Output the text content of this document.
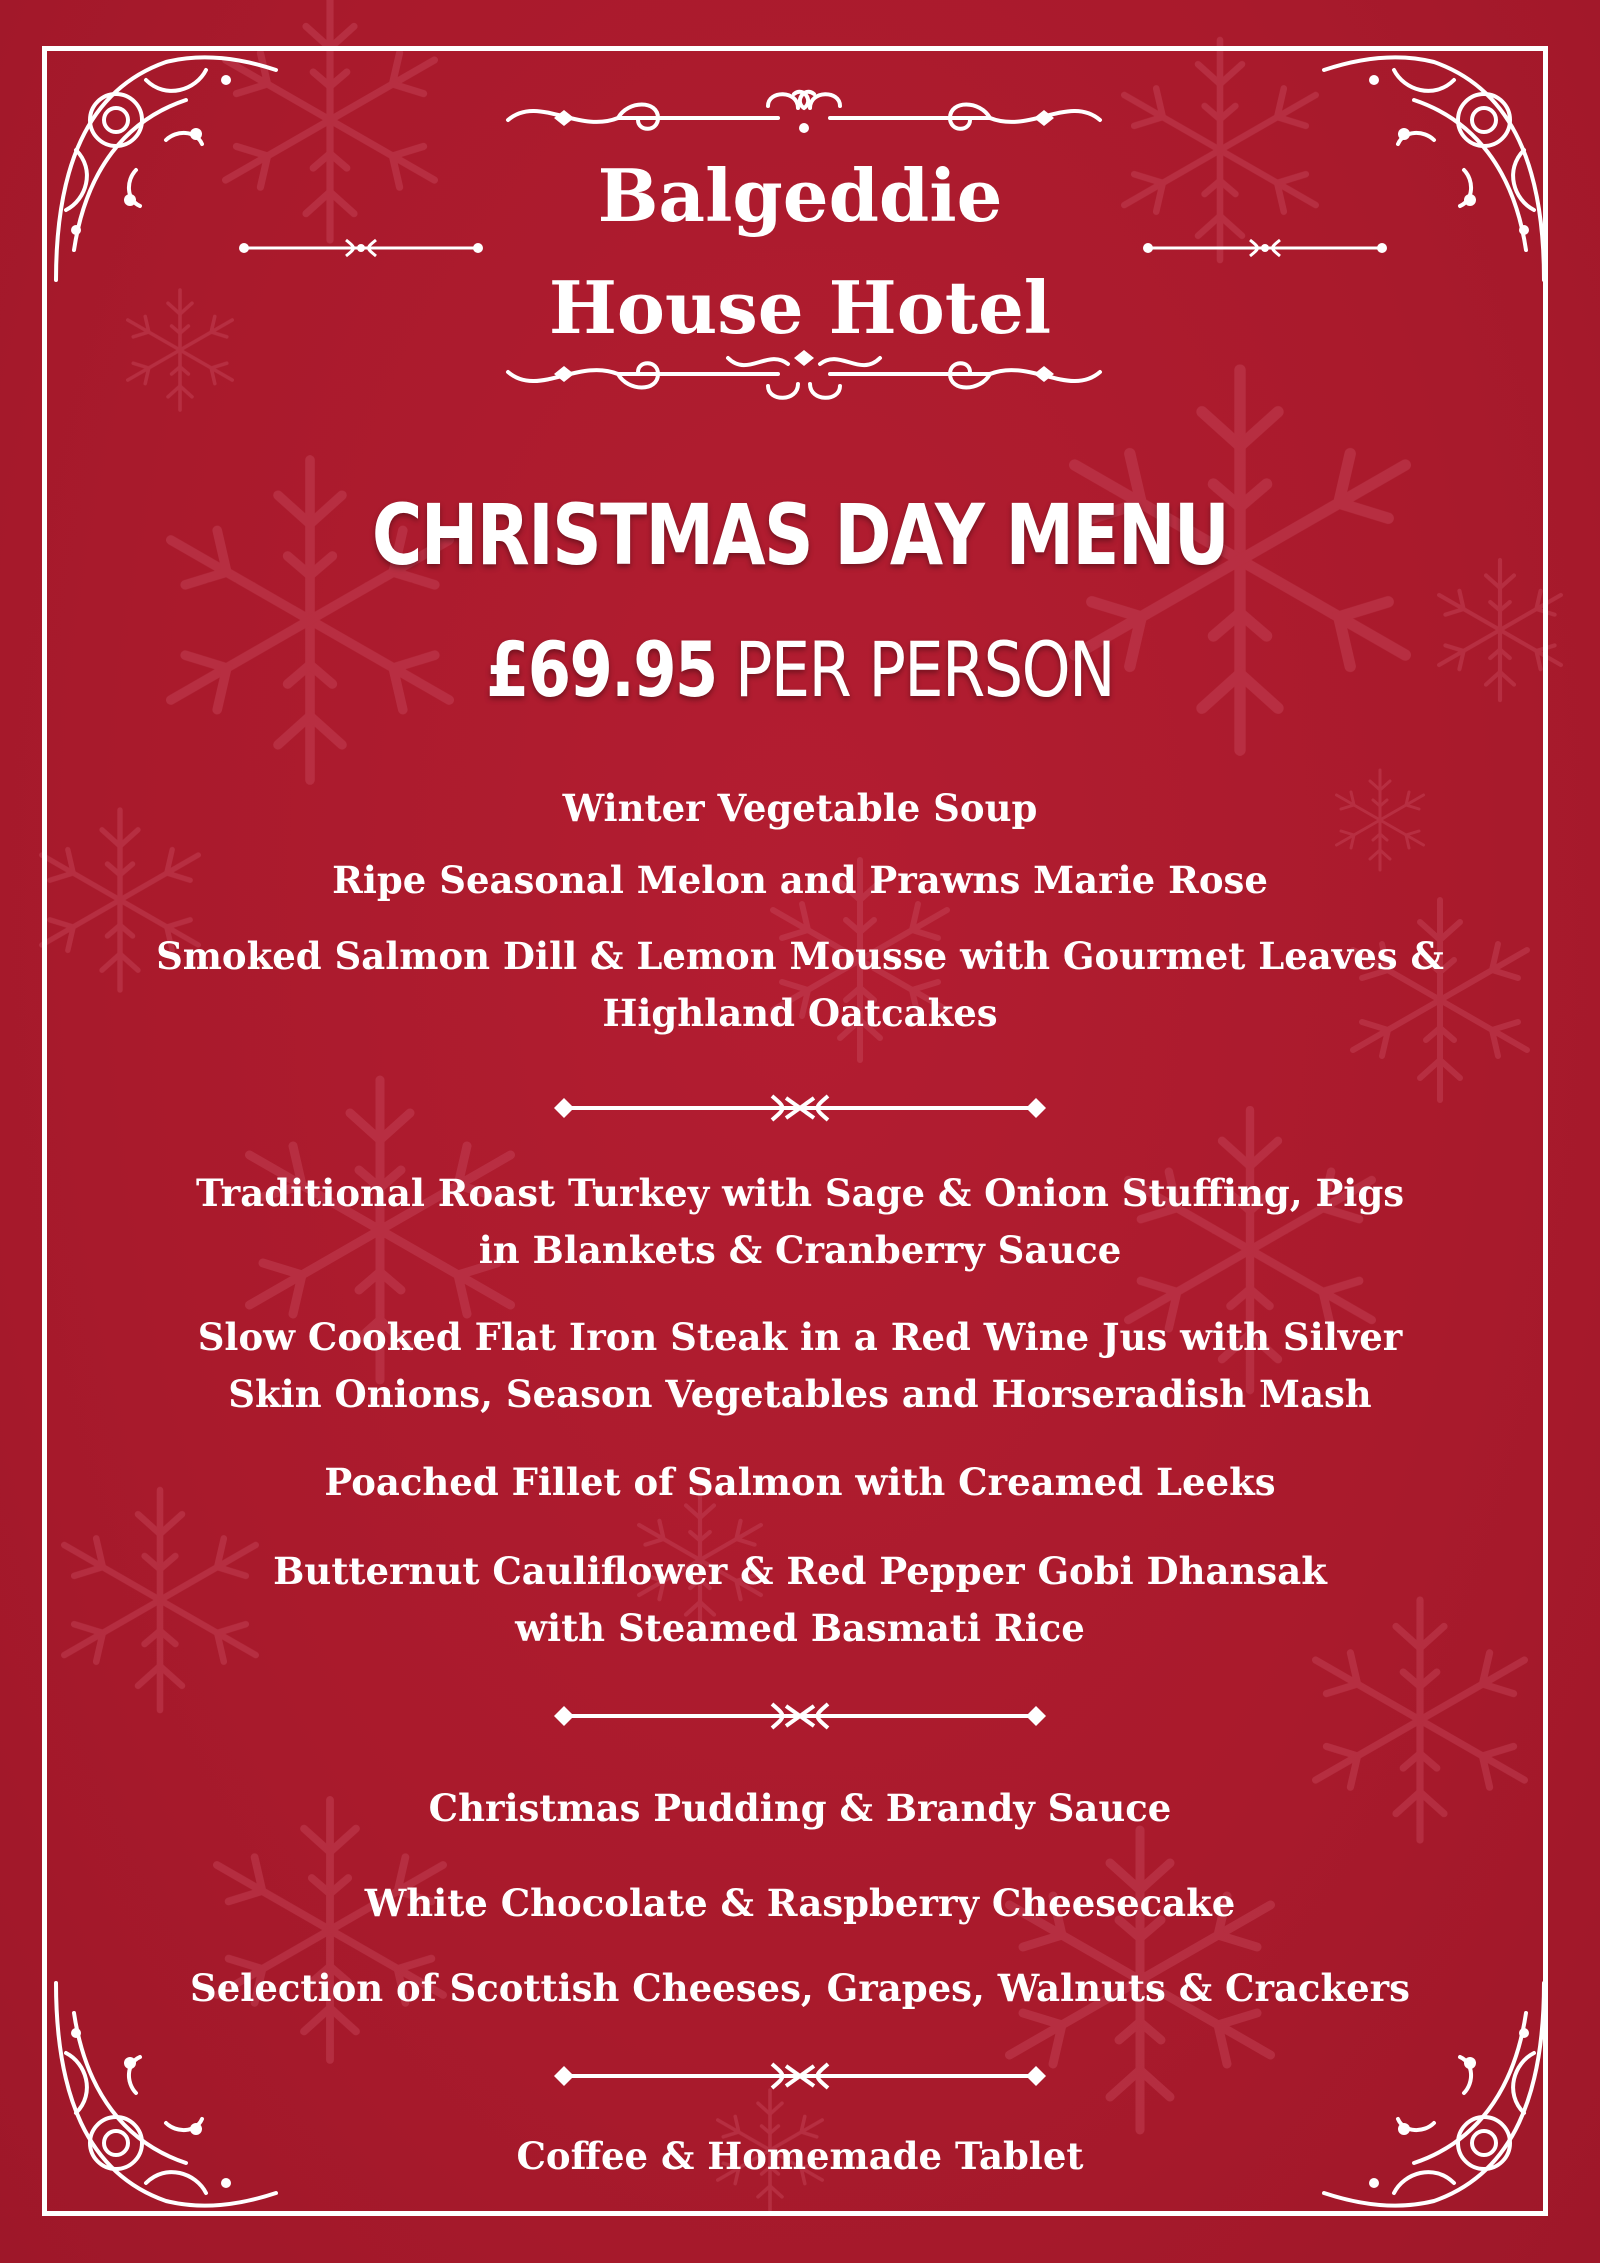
Balgeddie
House Hotel
CHRISTMAS DAY MENU
£69.95 PER PERSON

Winter Vegetable Soup

Ripe Seasonal Melon and Prawns Marie Rose

Smoked Salmon Dill & Lemon Mousse with Gourmet Leaves &

Highland Oatcakes

Traditional Roast Turkey with Sage & Onion Stuffing, Pigs

in Blankets & Cranberry Sauce

Slow Cooked Flat Iron Steak in a Red Wine Jus with Silver

Skin Onions, Season Vegetables and Horseradish Mash

Poached Fillet of Salmon with Creamed Leeks

Butternut Cauliflower & Red Pepper Gobi Dhansak

with Steamed Basmati Rice

Christmas Pudding & Brandy Sauce

White Chocolate & Raspberry Cheesecake

Selection of Scottish Cheeses, Grapes, Walnuts & Crackers

Coffee & Homemade Tablet
